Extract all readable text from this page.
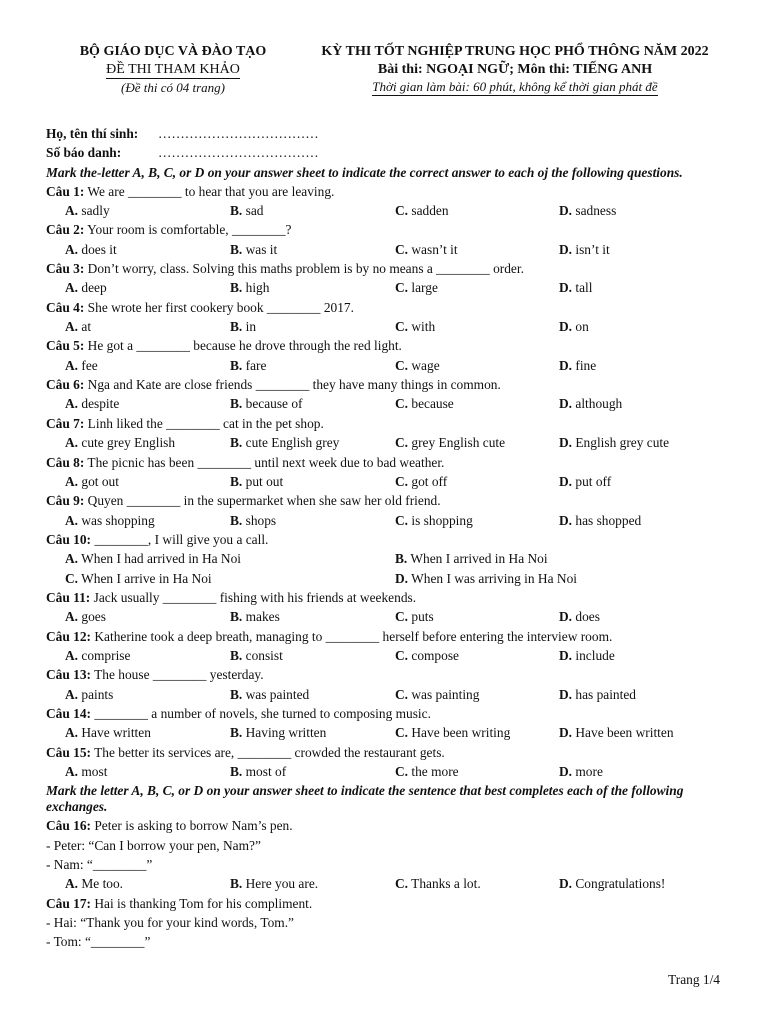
BỘ GIÁO DỤC VÀ ĐÀO TẠO
ĐỀ THI THAM KHẢO
(Đề thi có 04 trang)
KỲ THI TỐT NGHIỆP TRUNG HỌC PHỔ THÔNG NĂM 2022
Bài thi: NGOẠI NGỮ; Môn thi: TIẾNG ANH
Thời gian làm bài: 60 phút, không kể thời gian phát đề
Họ, tên thí sinh: ………………………………
Số báo danh:	………………………………
Mark the-letter A, B, C, or D on your answer sheet to indicate the correct answer to each oj the following questions.
Câu 1: We are ________ to hear that you are leaving.
A. sadly	B. sad	C. sadden	D. sadness
Câu 2: Your room is comfortable, ________?
A. does it	B. was it	C. wasn’t it	D. isn’t it
Câu 3: Don’t worry, class. Solving this maths problem is by no means a ________ order.
A. deep	B. high	C. large	D. tall
Câu 4: She wrote her first cookery book ________ 2017.
A. at	B. in	C. with	D. on
Câu 5: He got a ________ because he drove through the red light.
A. fee	B. fare	C. wage	D. fine
Câu 6: Nga and Kate are close friends ________ they have many things in common.
A. despite	B. because of	C. because	D. although
Câu 7: Linh liked the ________ cat in the pet shop.
A. cute grey English	B. cute English grey	C. grey English cute	D. English grey cute
Câu 8: The picnic has been ________ until next week due to bad weather.
A. got out	B. put out	C. got off	D. put off
Câu 9: Quyen ________ in the supermarket when she saw her old friend.
A. was shopping	B. shops	C. is shopping	D. has shopped
Câu 10: ________, I will give you a call.
A. When I had arrived in Ha Noi	B. When I arrived in Ha Noi
C. When I arrive in Ha Noi	D. When I was arriving in Ha Noi
Câu 11: Jack usually ________ fishing with his friends at weekends.
A. goes	B. makes	C. puts	D. does
Câu 12: Katherine took a deep breath, managing to ________ herself before entering the interview room.
A. comprise	B. consist	C. compose	D. include
Câu 13: The house ________ yesterday.
A. paints	B. was painted	C. was painting	D. has painted
Câu 14: ________ a number of novels, she turned to composing music.
A. Have written	B. Having written	C. Have been writing	D. Have been written
Câu 15: The better its services are, ________ crowded the restaurant gets.
A. most	B. most of	C. the more	D. more
Mark the letter A, B, C, or D on your answer sheet to indicate the sentence that best completes each of the following exchanges.
Câu 16: Peter is asking to borrow Nam’s pen.
- Peter: “Can I borrow your pen, Nam?”
- Nam: “________”
A. Me too.	B. Here you are.	C. Thanks a lot.	D. Congratulations!
Câu 17: Hai is thanking Tom for his compliment.
- Hai: “Thank you for your kind words, Tom.”
- Tom: “________”
Trang 1/4
